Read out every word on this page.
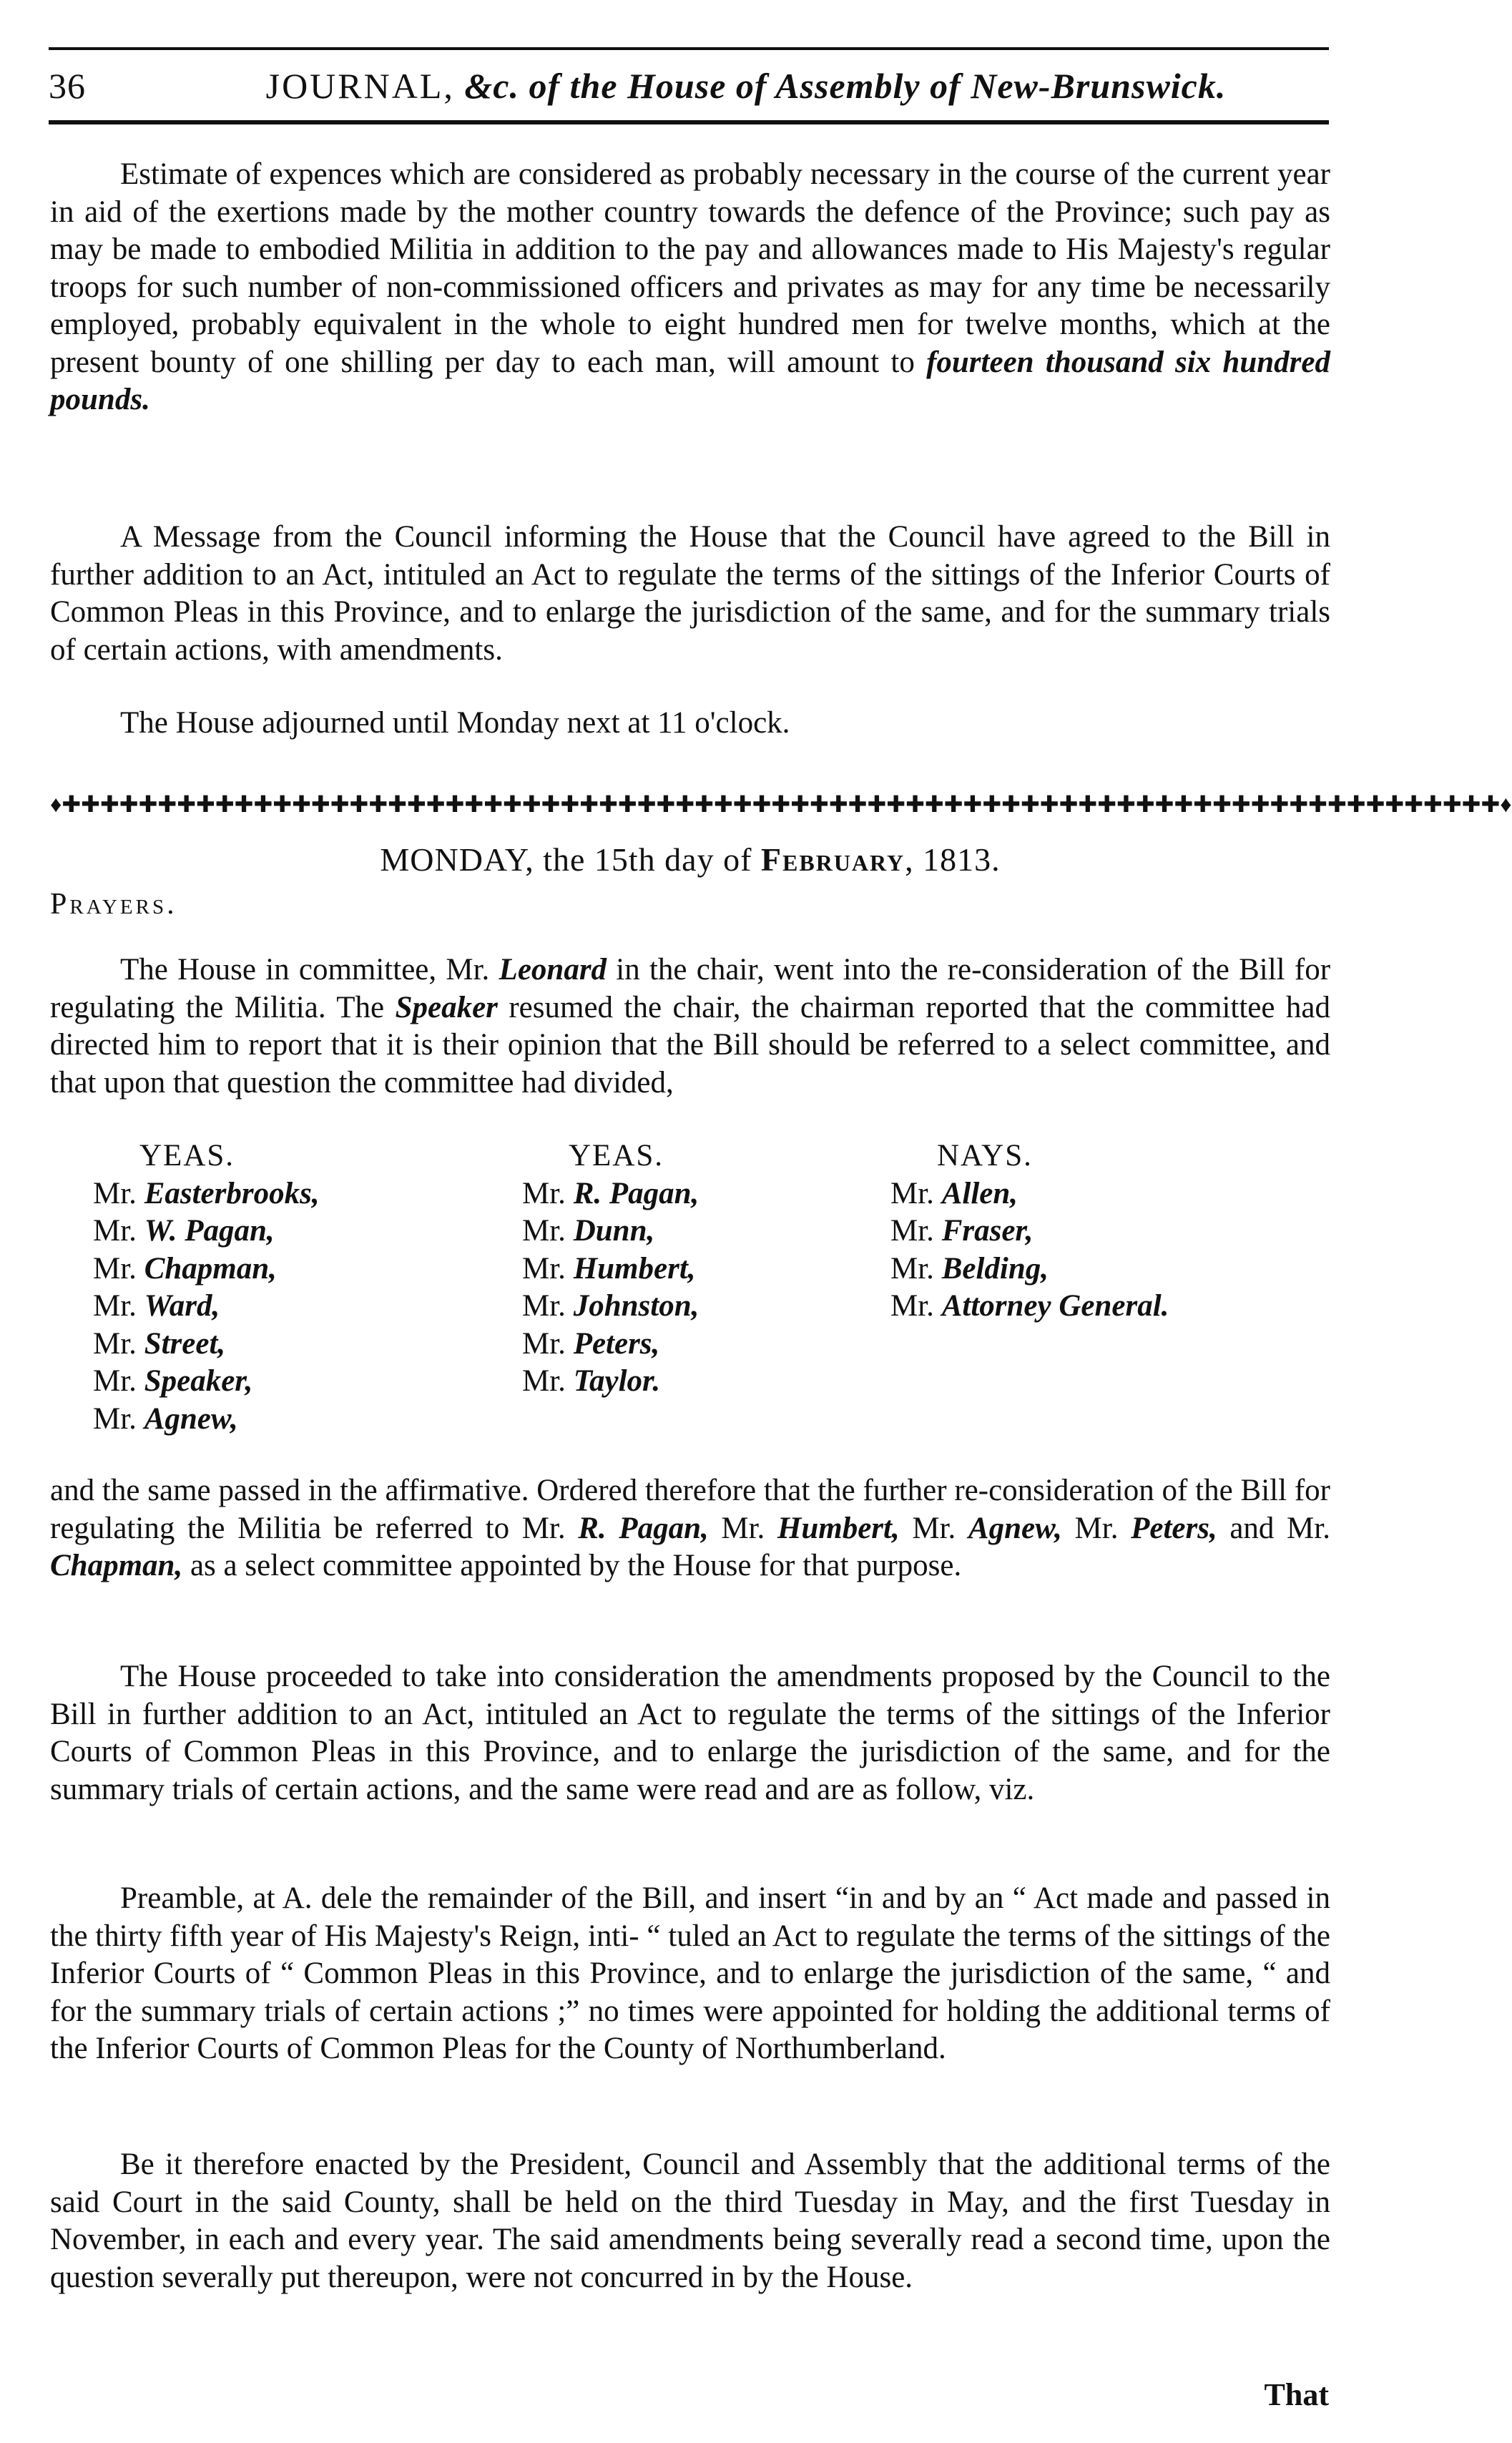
36	JOURNAL, &c. of the House of Assembly of New-Brunswick.

Estimate of expences which are considered as probably necessary in the course of the current year in aid of the exertions made by the mother country towards the defence of the Province; such pay as may be made to embodied Militia in addition to the pay and allowances made to His Majesty's regular troops for such number of non-commissioned officers and privates as may for any time be necessarily employed, probably equivalent in the whole to eight hundred men for twelve months, which at the present bounty of one shilling per day to each man, will amount to fourteen thousand six hundred pounds.

A Message from the Council informing the House that the Council have agreed to the Bill in further addition to an Act, intituled an Act to regulate the terms of the sittings of the Inferior Courts of Common Pleas in this Province, and to enlarge the jurisdiction of the same, and for the summary trials of certain actions, with amendments.

The House adjourned until Monday next at 11 o'clock.

♦✚✚✚✚✚✚✚✚✚✚✚✚✚✚✚✚✚✚✚✚✚✚✚✚✚✚✚✚✚✚✚✚✚✚✚✚✚✚✚✚✚✚✚✚✚✚✚✚✚✚✚✚✚✚✚✚✚✚✚✚✚✚✚✚✚✚✚✚✚✚✚✚✚✚✚♦
MONDAY, the 15th day of February, 1813.
Prayers.

The House in committee, Mr. Leonard in the chair, went into the re-consideration of the Bill for regulating the Militia. The Speaker resumed the chair, the chairman reported that the committee had directed him to report that it is their opinion that the Bill should be referred to a select committee, and that upon that question the committee had divided,

YEAS.
Mr. Easterbrooks,
Mr. W. Pagan,
Mr. Chapman,
Mr. Ward,
Mr. Street,
Mr. Speaker,
Mr. Agnew,
YEAS.
Mr. R. Pagan,
Mr. Dunn,
Mr. Humbert,
Mr. Johnston,
Mr. Peters,
Mr. Taylor.
NAYS.
Mr. Allen,
Mr. Fraser,
Mr. Belding,
Mr. Attorney General.

and the same passed in the affirmative. Ordered therefore that the further re-consideration of the Bill for regulating the Militia be referred to Mr. R. Pagan, Mr. Humbert, Mr. Agnew, Mr. Peters, and Mr. Chapman, as a select committee appointed by the House for that purpose.

The House proceeded to take into consideration the amendments proposed by the Council to the Bill in further addition to an Act, intituled an Act to regulate the terms of the sittings of the Inferior Courts of Common Pleas in this Province, and to enlarge the jurisdiction of the same, and for the summary trials of certain actions, and the same were read and are as follow, viz.

Preamble, at A. dele the remainder of the Bill, and insert “in and by an “ Act made and passed in the thirty fifth year of His Majesty's Reign, inti- “ tuled an Act to regulate the terms of the sittings of the Inferior Courts of “ Common Pleas in this Province, and to enlarge the jurisdiction of the same, “ and for the summary trials of certain actions ;” no times were appointed for holding the additional terms of the Inferior Courts of Common Pleas for the County of Northumberland.

Be it therefore enacted by the President, Council and Assembly that the additional terms of the said Court in the said County, shall be held on the third Tuesday in May, and the first Tuesday in November, in each and every year. The said amendments being severally read a second time, upon the question severally put thereupon, were not concurred in by the House.

That
